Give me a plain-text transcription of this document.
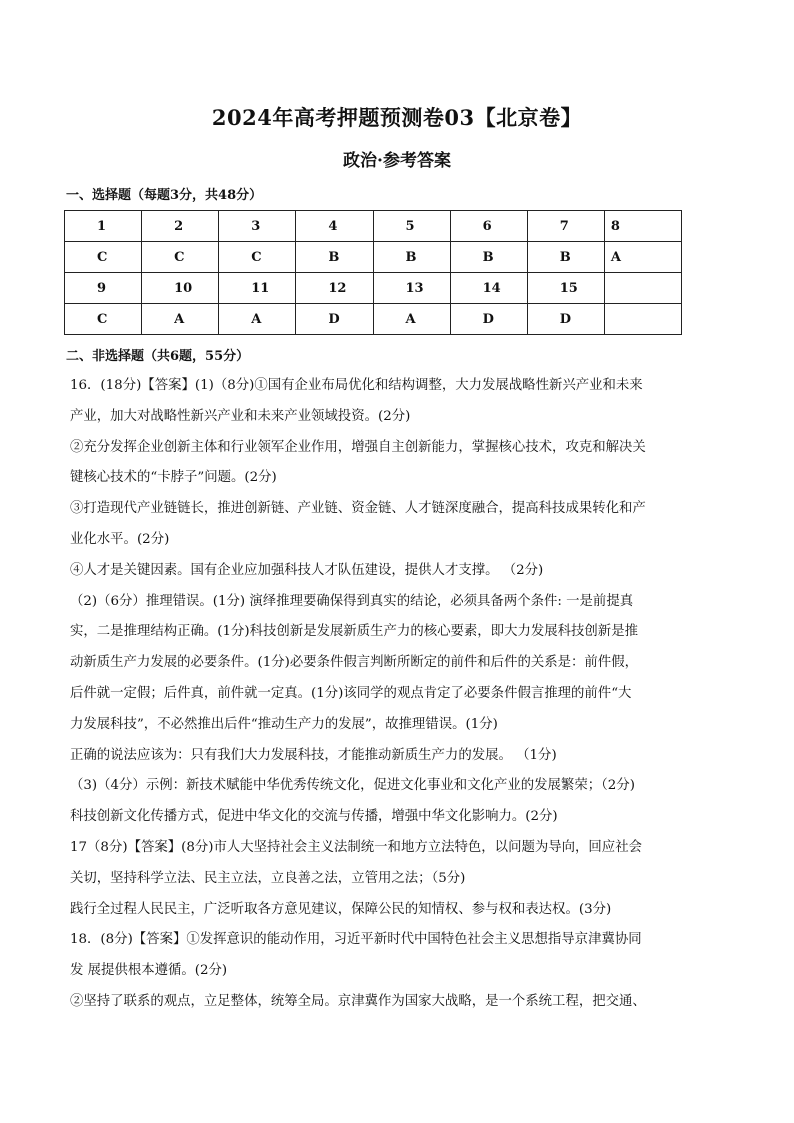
2024年高考押题预测卷03【北京卷】
政治·参考答案
一、选择题（每题3分，共48分）
1	2	3	4	5	6	7	8
C	C	C	B	B	B	B	A
9	10	11	12	13	14	15	
C	A	A	D	A	D	D	
二、非选择题（共6题，55分）

16．(18分)【答案】(1)（8分)①国有企业布局优化和结构调整，大力发展战略性新兴产业和未来

产业，加大对战略性新兴产业和未来产业领域投资。(2分)

②充分发挥企业创新主体和行业领军企业作用，增强自主创新能力，掌握核心技术，攻克和解决关

键核心技术的“卡脖子”问题。(2分)

③打造现代产业链链长，推进创新链、产业链、资金链、人才链深度融合，提高科技成果转化和产

业化水平。(2分)

④人才是关键因素。国有企业应加强科技人才队伍建设，提供人才支撑。 （2分)

（2)（6分）推理错误。(1分) 演绎推理要确保得到真实的结论，必须具备两个条件: 一是前提真

实，二是推理结构正确。(1分)科技创新是发展新质生产力的核心要素，即大力发展科技创新是推

动新质生产力发展的必要条件。(1分)必要条件假言判断所断定的前件和后件的关系是：前件假，

后件就一定假；后件真，前件就一定真。(1分)该同学的观点肯定了必要条件假言推理的前件“大

力发展科技”，不必然推出后件“推动生产力的发展”，故推理错误。(1分)

正确的说法应该为：只有我们大力发展科技，才能推动新质生产力的发展。 （1分)

（3)（4分）示例：新技术赋能中华优秀传统文化，促进文化事业和文化产业的发展繁荣；（2分)

科技创新文化传播方式，促进中华文化的交流与传播，增强中华文化影响力。(2分)

17（8分)【答案】(8分)市人大坚持社会主义法制统一和地方立法特色，以问题为导向，回应社会

关切，坚持科学立法、民主立法，立良善之法，立管用之法；（5分)

践行全过程人民民主，广泛听取各方意见建议，保障公民的知情权、参与权和表达权。(3分)

18．(8分)【答案】①发挥意识的能动作用，习近平新时代中国特色社会主义思想指导京津冀协同

发 展提供根本遵循。(2分)

②坚持了联系的观点，立足整体，统筹全局。京津冀作为国家大战略，是一个系统工程，把交通、
